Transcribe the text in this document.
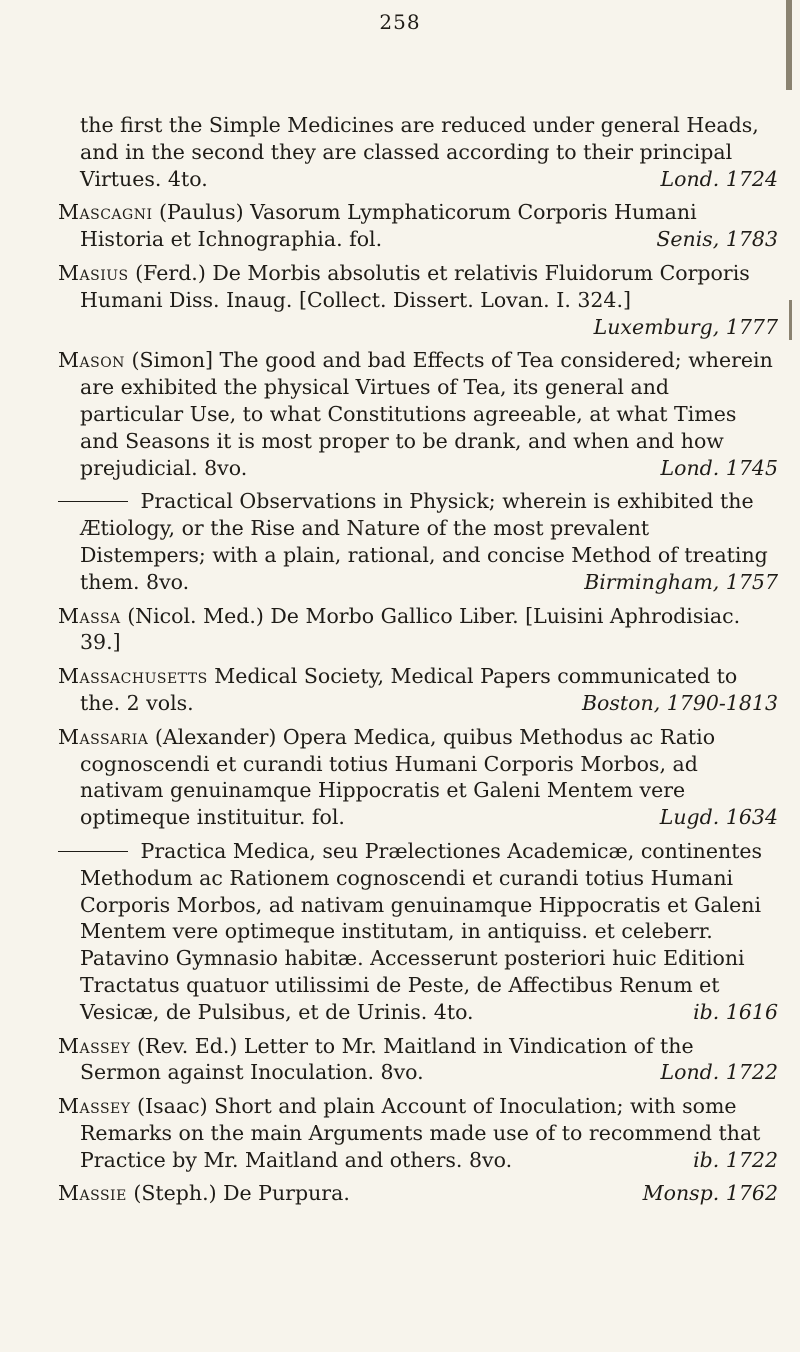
258
the first the Simple Medicines are reduced under general Heads, and in the second they are classed according to their principal Virtues. 4to.	Lond. 1724
Mascagni (Paulus) Vasorum Lymphaticorum Corporis Humani Historia et Ichnographia. fol.	Senis, 1783
Masius (Ferd.) De Morbis absolutis et relativis Fluidorum Corporis Humani Diss. Inaug. [Collect. Dissert. Lovan. I. 324.]
Luxemburg, 1777
Mason (Simon] The good and bad Effects of Tea considered; wherein are exhibited the physical Virtues of Tea, its general and particular Use, to what Constitutions agreeable, at what Times and Seasons it is most proper to be drank, and when and how prejudicial. 8vo.	Lond. 1745
Practical Observations in Physick; wherein is exhibited the Ætiology, or the Rise and Nature of the most prevalent Distempers; with a plain, rational, and concise Method of treating them. 8vo.	Birmingham, 1757
Massa (Nicol. Med.) De Morbo Gallico Liber. [Luisini Aphrodisiac. 39.]
Massachusetts Medical Society, Medical Papers communicated to the. 2 vols.	Boston, 1790-1813
Massaria (Alexander) Opera Medica, quibus Methodus ac Ratio cognoscendi et curandi totius Humani Corporis Morbos, ad nativam genuinamque Hippocratis et Galeni Mentem vere optimeque instituitur. fol.	Lugd. 1634
Practica Medica, seu Prælectiones Academicæ, continentes Methodum ac Rationem cognoscendi et curandi totius Humani Corporis Morbos, ad nativam genuinamque Hippocratis et Galeni Mentem vere optimeque institutam, in antiquiss. et celeberr. Patavino Gymnasio habitæ. Accesserunt posteriori huic Editioni Tractatus quatuor utilissimi de Peste, de Affectibus Renum et Vesicæ, de Pulsibus, et de Urinis. 4to.	ib. 1616
Massey (Rev. Ed.) Letter to Mr. Maitland in Vindication of the Sermon against Inoculation. 8vo.	Lond. 1722
Massey (Isaac) Short and plain Account of Inoculation; with some Remarks on the main Arguments made use of to recommend that Practice by Mr. Maitland and others. 8vo.	ib. 1722
Massie (Steph.) De Purpura.	Monsp. 1762
